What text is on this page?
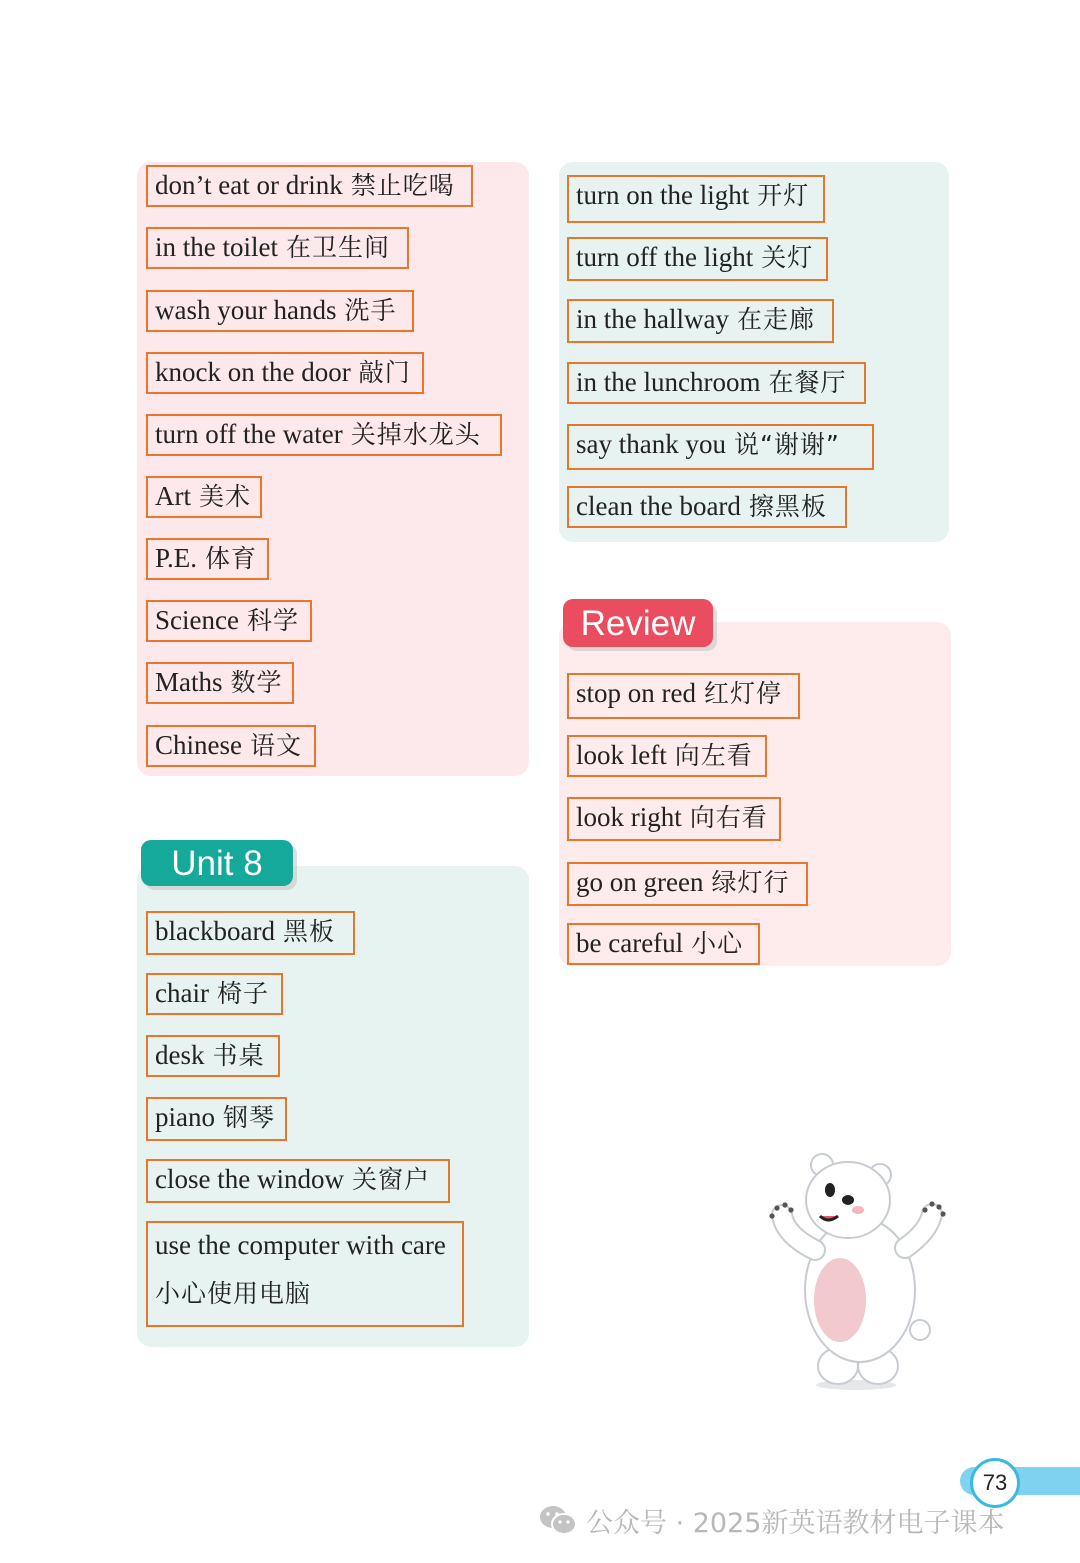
don’t eat or drink 禁止吃喝
in the toilet 在卫生间
wash your hands 洗手
knock on the door 敲门
turn off the water 关掉水龙头
Art 美术
P.E. 体育
Science 科学
Maths 数学
Chinese 语文
turn on the light 开灯
turn off the light 关灯
in the hallway 在走廊
in the lunchroom 在餐厅
say thank you 说“谢谢”
clean the board 擦黑板
Unit 8
blackboard 黑板
chair 椅子
desk 书桌
piano 钢琴
close the window 关窗户
use the computer with care
小心使用电脑
Review
stop on red 红灯停
look left 向左看
look right 向右看
go on green 绿灯行
be careful 小心
73
公众号 · 2025新英语教材电子课本
